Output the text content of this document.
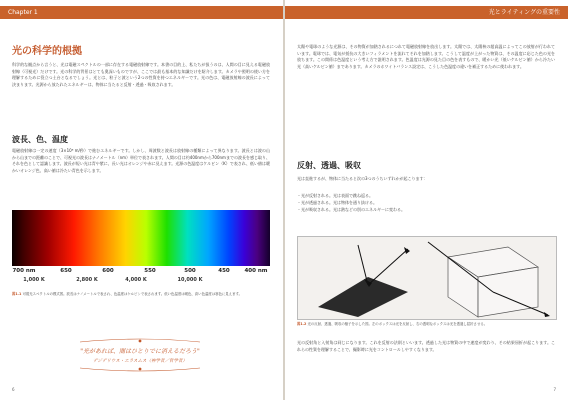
Chapter 1
光の科学的根拠
科学的な観点から言うと、光は電磁スペクトルの一部に存在する電磁放射線です。本書の目的上、私たちが扱うのは、人間の目に見える電磁放射線（可視光）だけです。光の科学的背景はとても奥深いものですが、ここでは最も基本的な知識だけを紹介します。カメラや照明の使い方を理解するために役立つ土台となるでしょう。光とは、粒子と波という2つの性質を持つエネルギーです。光の色は、電磁放射線の波長によって決まります。光源から放たれたエネルギーは、物体に当たると反射・透過・吸収されます。
波長、色、温度
電磁放射線は一定の速度（3×10⁸ m/秒）で進むエネルギーです。しかし、周波数と波長は放射線の種類によって異なります。波長とは波の山から山までの距離のことで、可視光の波長はナノメートル（nm）単位で表されます。人間の目は約400nmから700nmまでの波長を感じ取り、それを色として認識します。波長が短い光は青や紫に、長い光はオレンジや赤に見えます。光源の色温度はケルビン（K）で表され、低い値は暖かいオレンジ色、高い値は冷たい青色を示します。
700 nm	650	600	550	500	450	400 nm
1,000 K	2,800 K	4,000 K	10,000 K
図1.1 可視光スペクトルの模式図。波長はナノメートルで表され、色温度はケルビンで表されます。低い色温度は暖色、高い色温度は寒色に見えます。
"光があれば、闇はひとりでに消えるだろう"
デジデリウス・エラスムス（神学者／哲学者）
6
光とライティングの重要性
太陽や電球のような光源は、その物質が加熱されるにつれて電磁放射線を放出します。太陽では、太陽核の超高温によってこの放射が行われています。電球では、電気が抵抗の大きいフィラメントを流れてそれを加熱します。こうして温度が上がった物質は、その温度に応じた色の光を放ちます。この関係は色温度という考え方で説明されます。色温度は光源の見た目の色を表すもので、暖かい光（低いケルビン値）から冷たい光（高いケルビン値）まであります。カメラのホワイトバランス設定は、こうした色温度の違いを補正するために使われます。
反射、透過、吸収
光は直進するが、物体に当たると次の3つのうちいずれかが起こります：
・光が反射される。光は表面で跳ね返る。
・光が透過される。光は物体を通り抜ける。
・光が吸収される。光は熱などの別のエネルギーに変わる。
図1.2 光の反射、透過、吸収の様子を示した図。左のボックスは光を反射し、右の透明なボックスは光を透過し屈折させる。
光の反射角と入射角は同じになります。これを反射の法則といいます。透過した光は物質の中で速度が変わり、その結果屈折が起こります。これらの性質を理解することで、撮影時に光をコントロールしやすくなります。
7
